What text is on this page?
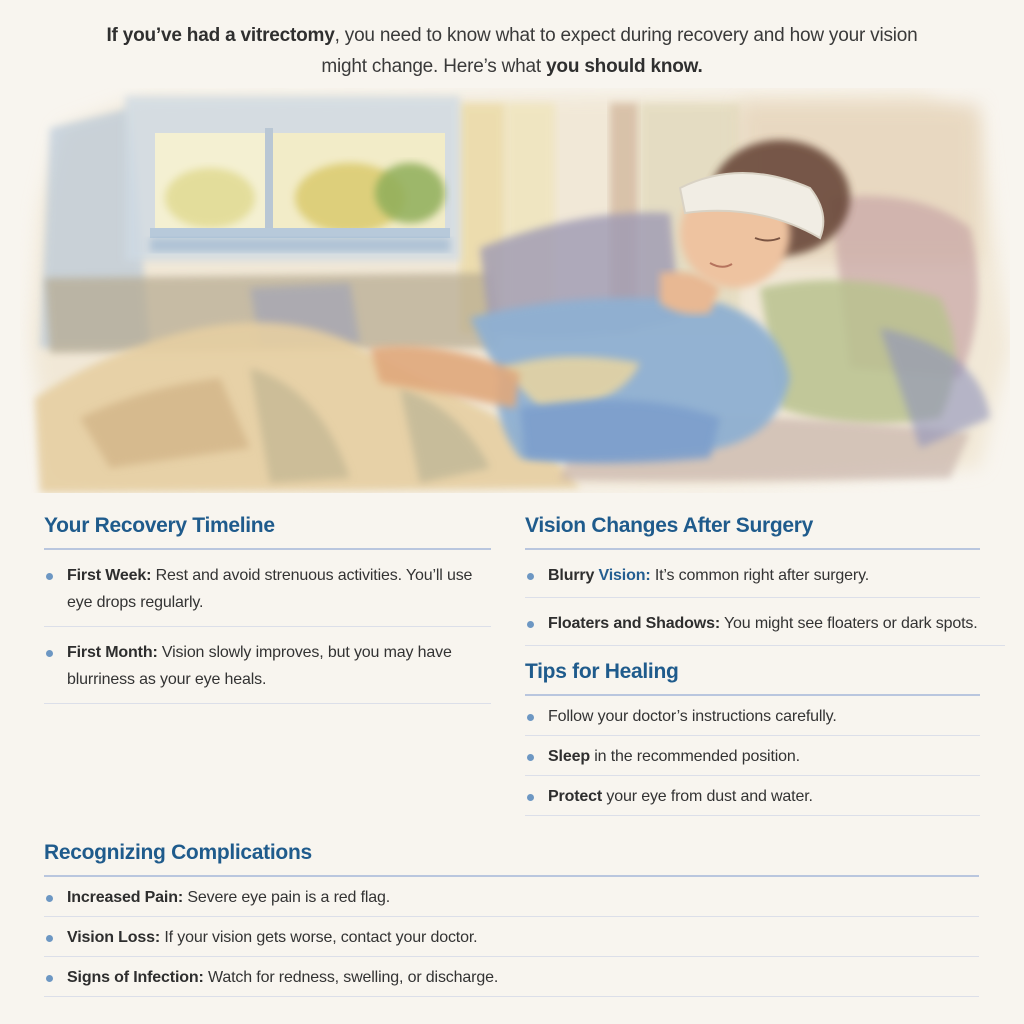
If you’ve had a vitrectomy, you need to know what to expect during recovery and how your vision
might change. Here’s what you should know.

Your Recovery Timeline
First Week: Rest and avoid strenuous activities. You’ll use eye drops regularly.
First Month: Vision slowly improves, but you may have blurriness as your eye heals.
Vision Changes After Surgery
Blurry Vision: It’s common right after surgery.
Floaters and Shadows: You might see floaters or dark spots.
Tips for Healing
Follow your doctor’s instructions carefully.
Sleep in the recommended position.
Protect your eye from dust and water.
Recognizing Complications
Increased Pain: Severe eye pain is a red flag.
Vision Loss: If your vision gets worse, contact your doctor.
Signs of Infection: Watch for redness, swelling, or discharge.
